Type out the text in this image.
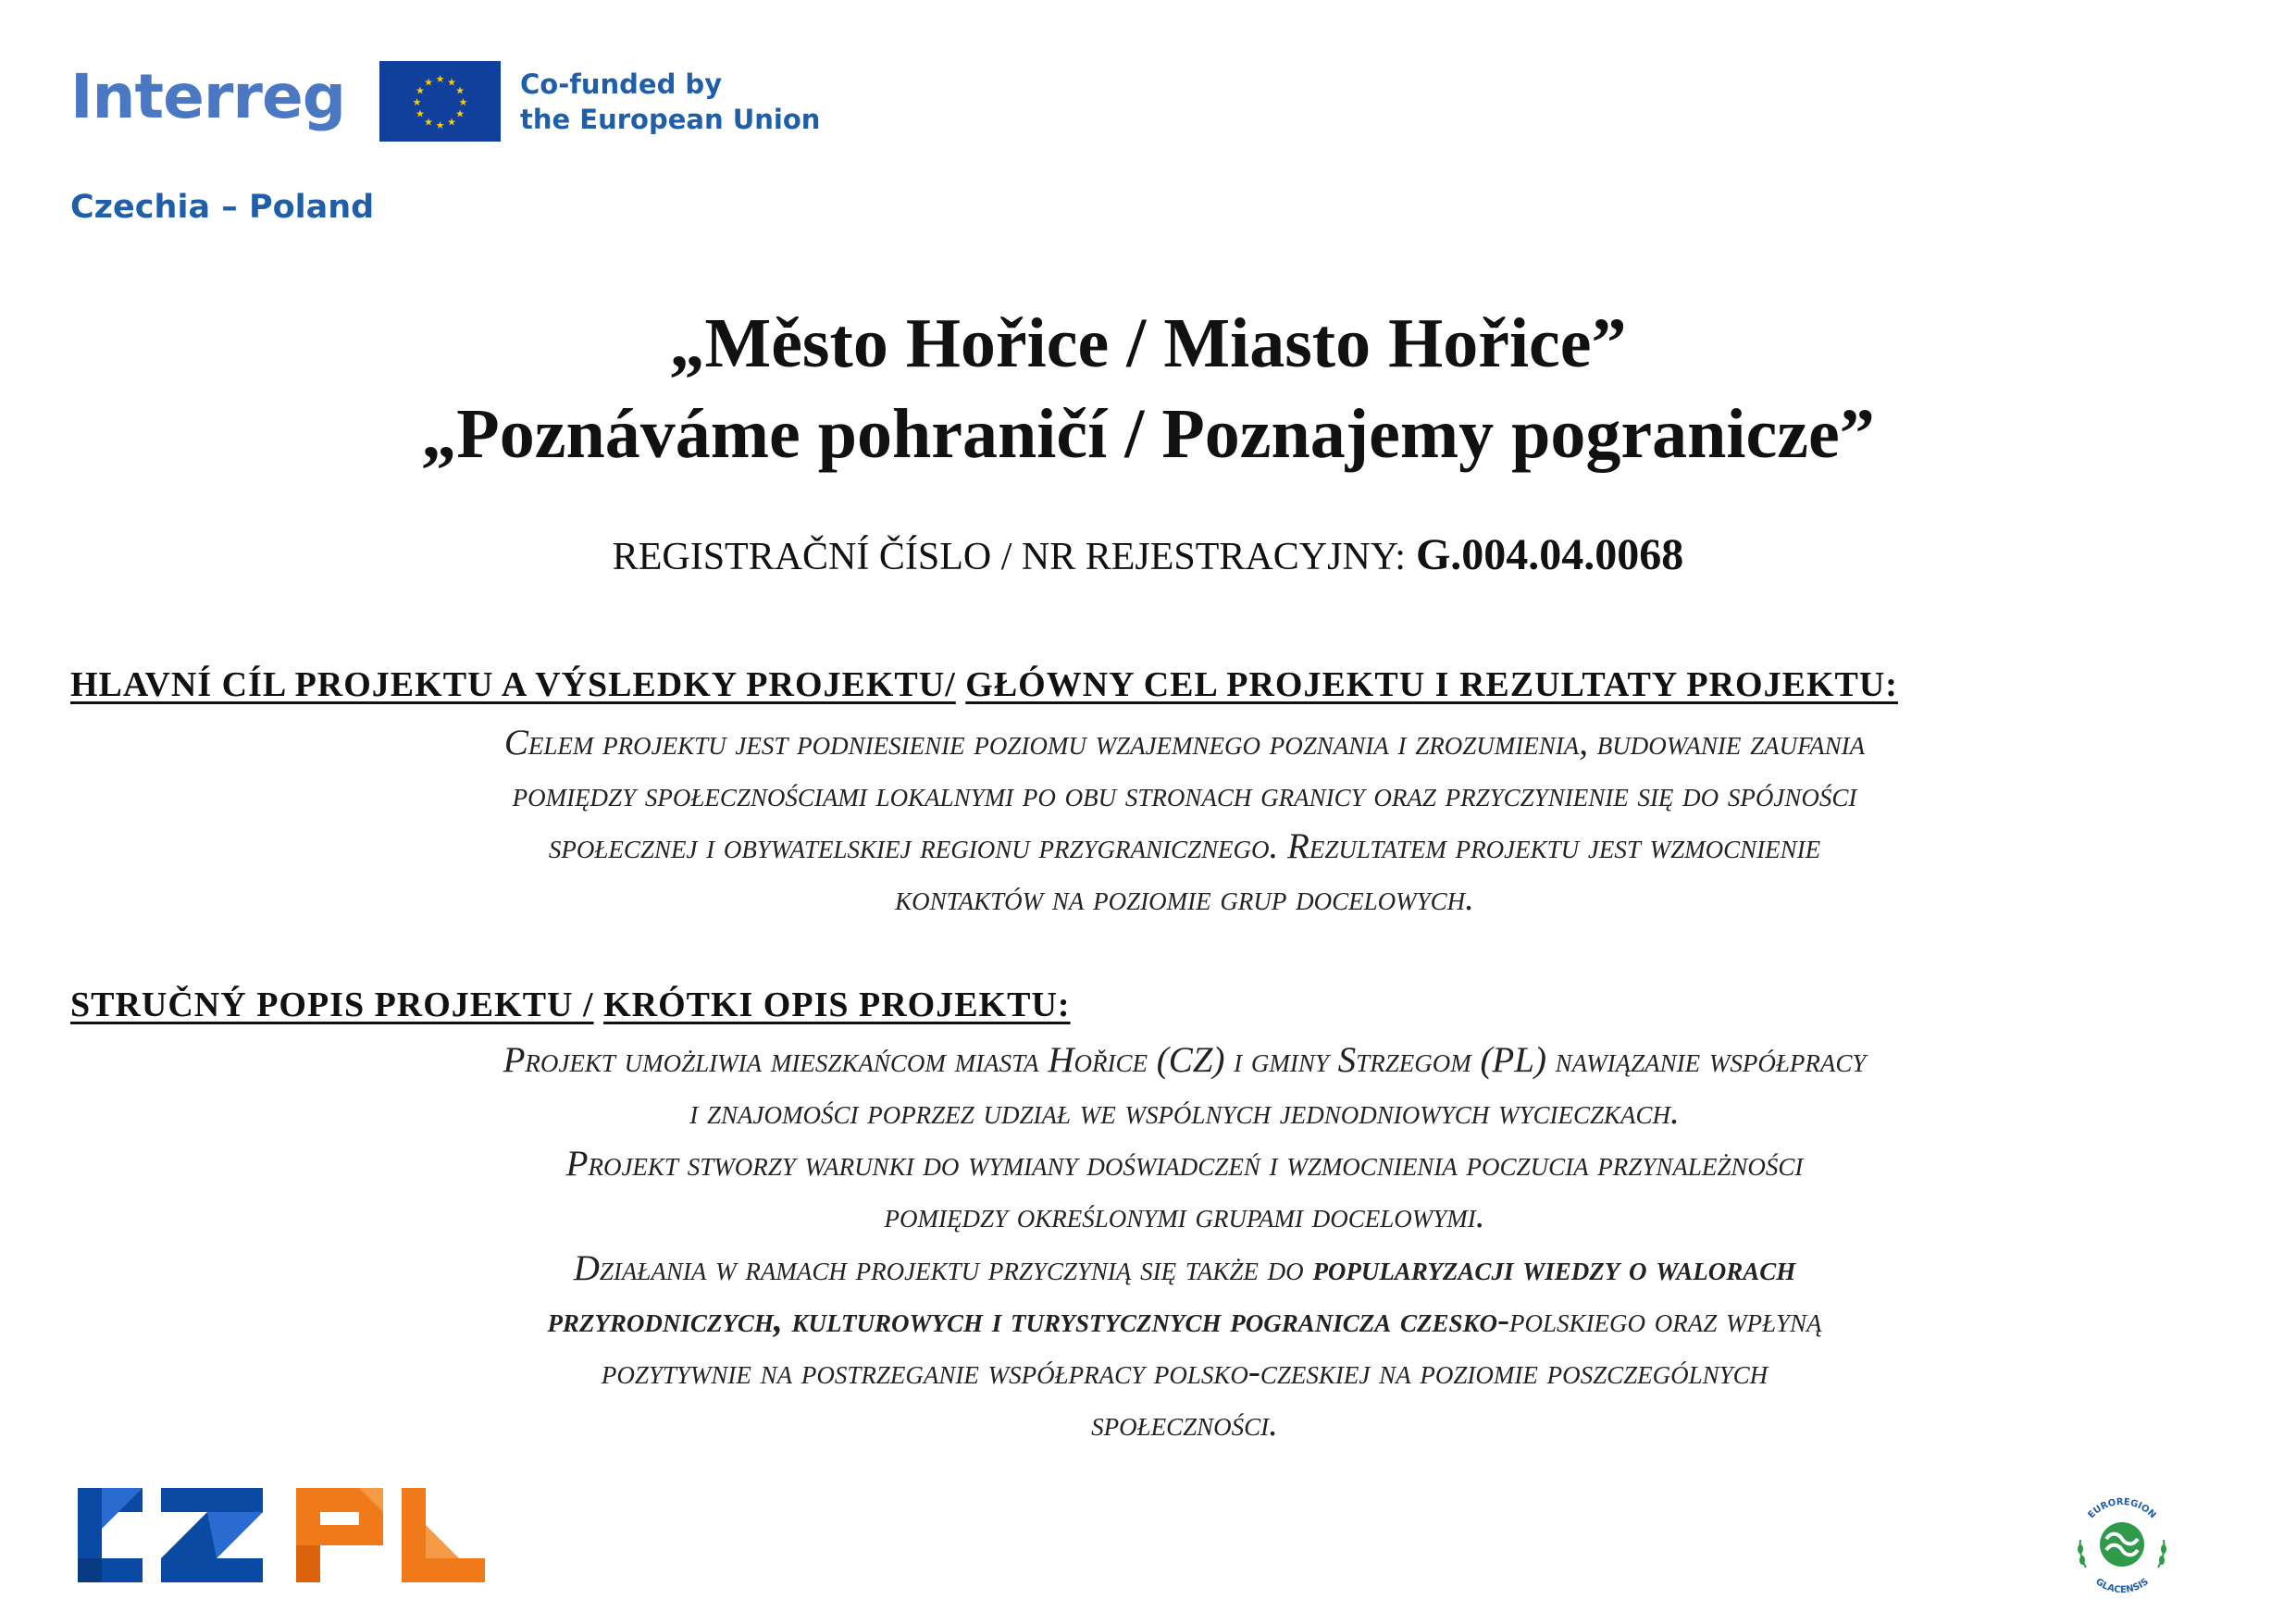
Interreg
Czechia – Poland
★ ★
★
★
★
★
★
★
★
★
★
★	Co-funded by
the European Union
„Město Hořice / Miasto Hořice”
„Poznáváme pohraničí / Poznajemy pogranicze”
REGISTRAČNÍ ČÍSLO / NR REJESTRACYJNY: G.004.04.0068
HLAVNÍ CÍL PROJEKTU A VÝSLEDKY PROJEKTU/ GŁÓWNY CEL PROJEKTU I REZULTATY PROJEKTU:
Celem projektu jest podniesienie poziomu wzajemnego poznania i zrozumienia, budowanie zaufania
pomiędzy społecznościami lokalnymi po obu stronach granicy oraz przyczynienie się do spójności
społecznej i obywatelskiej regionu przygranicznego. Rezultatem projektu jest wzmocnienie
kontaktów na poziomie grup docelowych.
STRUČNÝ POPIS PROJEKTU / KRÓTKI OPIS PROJEKTU:
Projekt umożliwia mieszkańcom miasta Hořice (CZ) i gminy Strzegom (PL) nawiązanie współpracy
i znajomości poprzez udział we wspólnych jednodniowych wycieczkach.
Projekt stworzy warunki do wymiany doświadczeń i wzmocnienia poczucia przynależności
pomiędzy określonymi grupami docelowymi.
Działania w ramach projektu przyczynią się także do popularyzacji wiedzy o walorach
przyrodniczych, kulturowych i turystycznych pogranicza czesko-polskiego oraz wpłyną
pozytywnie na postrzeganie współpracy polsko-czeskiej na poziomie poszczególnych
społeczności.
EUROREGION
GLACENSIS
